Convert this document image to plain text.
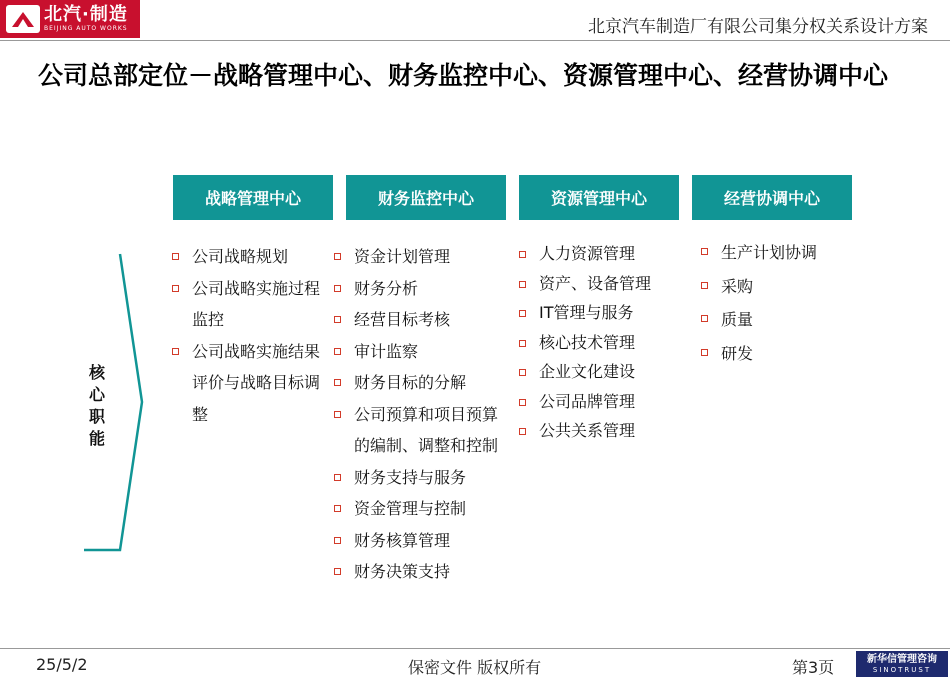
北汽·制造
BEIJING AUTO WORKS	北京汽车制造厂有限公司集分权关系设计方案
公司总部定位－战略管理中心、财务监控中心、资源管理中心、经营协调中心
战略管理中心	财务监控中心	资源管理中心	经营协调中心
核心职能
公司战略规划
公司战略实施过程监控
公司战略实施结果评价与战略目标调整
资金计划管理
财务分析
经营目标考核
审计监察
财务目标的分解
公司预算和项目预算的编制、调整和控制
财务支持与服务
资金管理与控制
财务核算管理
财务决策支持
人力资源管理
资产、设备管理
IT管理与服务
核心技术管理
企业文化建设
公司品牌管理
公共关系管理
生产计划协调
采购
质量
研发
25/5/2	保密文件 版权所有	第3页	新华信管理咨询
SINOTRUST
